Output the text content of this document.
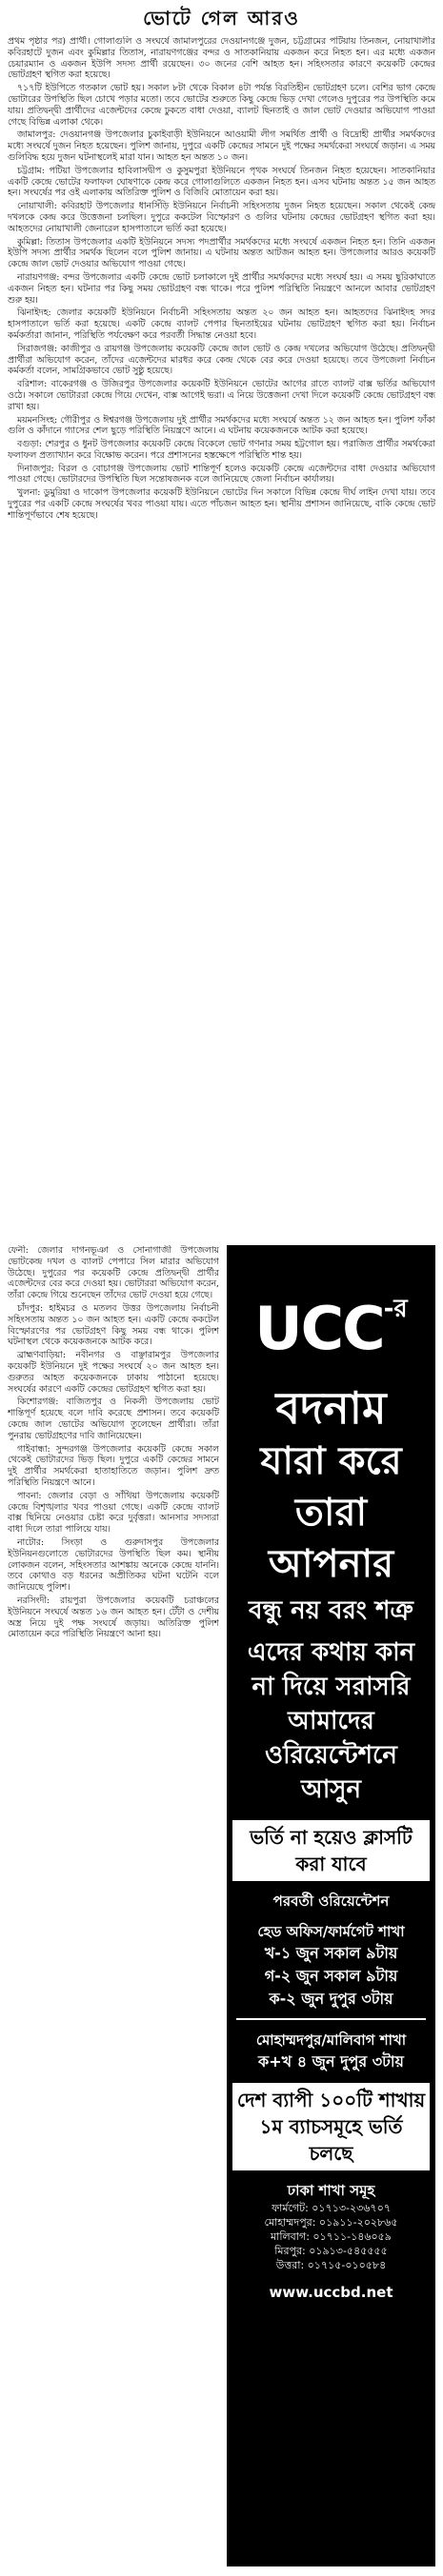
ভোটে গেল আরও

প্রথম পৃষ্ঠার পর) প্রার্থী। গোলাগুলি ও সংঘর্ষে জামালপুরের দেওয়ানগঞ্জে দুজন, চট্টগ্রামের পটিয়ায় তিনজন, নোয়াখালীর কবিরহাটে দুজন এবং কুমিল্লার তিতাস, নারায়ণগঞ্জের বন্দর ও সাতকানিয়ায় একজন করে নিহত হন। এর মধ্যে একজন চেয়ারম্যান ও একজন ইউপি সদস্য প্রার্থী রয়েছেন। ৩০ জনের বেশি আহত হন। সহিংসতার কারণে কয়েকটি কেন্দ্রের ভোটগ্রহণ স্থগিত করা হয়েছে।

৭১৭টি ইউপিতে গতকাল ভোট হয়। সকাল ৮টা থেকে বিকাল ৪টা পর্যন্ত বিরতিহীন ভোটগ্রহণ চলে। বেশির ভাগ কেন্দ্রে ভোটারের উপস্থিতি ছিল চোখে পড়ার মতো। তবে ভোটের শুরুতে কিছু কেন্দ্রে ভিড় দেখা গেলেও দুপুরের পর উপস্থিতি কমে যায়। প্রতিদ্বন্দ্বী প্রার্থীদের এজেন্টদের কেন্দ্রে ঢুকতে বাধা দেওয়া, ব্যালট ছিনতাই ও জাল ভোট দেওয়ার অভিযোগ পাওয়া গেছে বিভিন্ন এলাকা থেকে।

জামালপুর: দেওয়ানগঞ্জ উপজেলার চুকাইবাড়ী ইউনিয়নে আওয়ামী লীগ সমর্থিত প্রার্থী ও বিদ্রোহী প্রার্থীর সমর্থকদের মধ্যে সংঘর্ষে দুজন নিহত হয়েছেন। পুলিশ জানায়, দুপুরে একটি কেন্দ্রের সামনে দুই পক্ষের সমর্থকেরা সংঘর্ষে জড়ান। এ সময় গুলিবিদ্ধ হয়ে দুজন ঘটনাস্থলেই মারা যান। আহত হন অন্তত ১০ জন।

চট্টগ্রাম: পটিয়া উপজেলার হাবিলাসদ্বীপ ও কুসুমপুরা ইউনিয়নে পৃথক সংঘর্ষে তিনজন নিহত হয়েছেন। সাতকানিয়ার একটি কেন্দ্রে ভোটের ফলাফল ঘোষণাকে কেন্দ্র করে গোলাগুলিতে একজন নিহত হন। এসব ঘটনায় অন্তত ১৫ জন আহত হন। সংঘর্ষের পর ওই এলাকায় অতিরিক্ত পুলিশ ও বিজিবি মোতায়েন করা হয়।

নোয়াখালী: কবিরহাট উপজেলার ধানসিঁড়ি ইউনিয়নে নির্বাচনী সহিংসতায় দুজন নিহত হয়েছেন। সকাল থেকেই কেন্দ্র দখলকে কেন্দ্র করে উত্তেজনা চলছিল। দুপুরে ককটেল বিস্ফোরণ ও গুলির ঘটনায় কেন্দ্রের ভোটগ্রহণ স্থগিত করা হয়। আহতদের নোয়াখালী জেনারেল হাসপাতালে ভর্তি করা হয়েছে।

কুমিল্লা: তিতাস উপজেলার একটি ইউনিয়নে সদস্য পদপ্রার্থীর সমর্থকদের মধ্যে সংঘর্ষে একজন নিহত হন। তিনি একজন ইউপি সদস্য প্রার্থীর সমর্থক ছিলেন বলে পুলিশ জানায়। এ ঘটনায় অন্তত আটজন আহত হন। উপজেলার আরও কয়েকটি কেন্দ্রে জাল ভোট দেওয়ার অভিযোগ পাওয়া গেছে।

নারায়ণগঞ্জ: বন্দর উপজেলার একটি কেন্দ্রে ভোট চলাকালে দুই প্রার্থীর সমর্থকদের মধ্যে সংঘর্ষ হয়। এ সময় ছুরিকাঘাতে একজন নিহত হন। ঘটনার পর কিছু সময় ভোটগ্রহণ বন্ধ থাকে। পরে পুলিশ পরিস্থিতি নিয়ন্ত্রণে আনলে আবার ভোটগ্রহণ শুরু হয়।

ঝিনাইদহ: জেলার কয়েকটি ইউনিয়নে নির্বাচনী সহিংসতায় অন্তত ২০ জন আহত হন। আহতদের ঝিনাইদহ সদর হাসপাতালে ভর্তি করা হয়েছে। একটি কেন্দ্রে ব্যালট পেপার ছিনতাইয়ের ঘটনায় ভোটগ্রহণ স্থগিত করা হয়। নির্বাচন কর্মকর্তারা জানান, পরিস্থিতি পর্যবেক্ষণ করে পরবর্তী সিদ্ধান্ত নেওয়া হবে।

সিরাজগঞ্জ: কাজীপুর ও রায়গঞ্জ উপজেলায় কয়েকটি কেন্দ্রে জাল ভোট ও কেন্দ্র দখলের অভিযোগ উঠেছে। প্রতিদ্বন্দ্বী প্রার্থীরা অভিযোগ করেন, তাঁদের এজেন্টদের মারধর করে কেন্দ্র থেকে বের করে দেওয়া হয়েছে। তবে উপজেলা নির্বাচন কর্মকর্তা বলেন, সামগ্রিকভাবে ভোট সুষ্ঠু হয়েছে।

বরিশাল: বাকেরগঞ্জ ও উজিরপুর উপজেলার কয়েকটি ইউনিয়নে ভোটের আগের রাতে ব্যালট বাক্স ভর্তির অভিযোগ ওঠে। সকালে ভোটাররা কেন্দ্রে গিয়ে দেখেন, বাক্স আগেই ভরা। এ নিয়ে উত্তেজনা দেখা দিলে কয়েকটি কেন্দ্রে ভোটগ্রহণ বন্ধ রাখা হয়।

ময়মনসিংহ: গৌরীপুর ও ঈশ্বরগঞ্জ উপজেলায় দুই প্রার্থীর সমর্থকদের মধ্যে সংঘর্ষে অন্তত ১২ জন আহত হন। পুলিশ ফাঁকা গুলি ও কাঁদানে গ্যাসের শেল ছুড়ে পরিস্থিতি নিয়ন্ত্রণে আনে। এ ঘটনায় কয়েকজনকে আটক করা হয়েছে।

বগুড়া: শেরপুর ও ধুনট উপজেলার কয়েকটি কেন্দ্রে বিকেলে ভোট গণনার সময় হট্টগোল হয়। পরাজিত প্রার্থীর সমর্থকেরা ফলাফল প্রত্যাখ্যান করে বিক্ষোভ করেন। পরে প্রশাসনের হস্তক্ষেপে পরিস্থিতি শান্ত হয়।

দিনাজপুর: বিরল ও বোচাগঞ্জ উপজেলায় ভোট শান্তিপূর্ণ হলেও কয়েকটি কেন্দ্রে এজেন্টদের বাধা দেওয়ার অভিযোগ পাওয়া গেছে। ভোটারদের উপস্থিতি ছিল সন্তোষজনক বলে জানিয়েছে জেলা নির্বাচন কার্যালয়।

খুলনা: ডুমুরিয়া ও দাকোপ উপজেলার কয়েকটি ইউনিয়নে ভোটের দিন সকালে বিভিন্ন কেন্দ্রে দীর্ঘ লাইন দেখা যায়। তবে দুপুরের পর একটি কেন্দ্রে সংঘর্ষের খবর পাওয়া যায়। এতে পাঁচজন আহত হন। স্থানীয় প্রশাসন জানিয়েছে, বাকি কেন্দ্রে ভোট শান্তিপূর্ণভাবে শেষ হয়েছে।

ফেনী: জেলার দাগনভূঞা ও সোনাগাজী উপজেলায় ভোটকেন্দ্র দখল ও ব্যালট পেপারে সিল মারার অভিযোগ উঠেছে। দুপুরের পর কয়েকটি কেন্দ্রে প্রতিদ্বন্দ্বী প্রার্থীর এজেন্টদের বের করে দেওয়া হয়। ভোটাররা অভিযোগ করেন, তাঁরা কেন্দ্রে গিয়ে শুনেছেন তাঁদের ভোট দেওয়া হয়ে গেছে।

চাঁদপুর: হাইমচর ও মতলব উত্তর উপজেলায় নির্বাচনী সহিংসতায় অন্তত ১০ জন আহত হন। একটি কেন্দ্রে ককটেল বিস্ফোরণের পর ভোটগ্রহণ কিছু সময় বন্ধ থাকে। পুলিশ ঘটনাস্থল থেকে কয়েকজনকে আটক করে।

ব্রাহ্মণবাড়িয়া: নবীনগর ও বাঞ্ছারামপুর উপজেলার কয়েকটি ইউনিয়নে দুই পক্ষের সংঘর্ষে ২০ জন আহত হন। গুরুতর আহত কয়েকজনকে ঢাকায় পাঠানো হয়েছে। সংঘর্ষের কারণে একটি কেন্দ্রের ভোটগ্রহণ স্থগিত করা হয়।

কিশোরগঞ্জ: বাজিতপুর ও নিকলী উপজেলায় ভোট শান্তিপূর্ণ হয়েছে বলে দাবি করেছে প্রশাসন। তবে কয়েকটি কেন্দ্রে জাল ভোটের অভিযোগ তুলেছেন প্রার্থীরা। তাঁরা পুনরায় ভোটগ্রহণের দাবি জানিয়েছেন।

গাইবান্ধা: সুন্দরগঞ্জ উপজেলার কয়েকটি কেন্দ্রে সকাল থেকেই ভোটারদের ভিড় ছিল। দুপুরে একটি কেন্দ্রের সামনে দুই প্রার্থীর সমর্থকেরা হাতাহাতিতে জড়ান। পুলিশ দ্রুত পরিস্থিতি নিয়ন্ত্রণে আনে।

পাবনা: জেলার বেড়া ও সাঁথিয়া উপজেলায় কয়েকটি কেন্দ্রে বিশৃঙ্খলার খবর পাওয়া গেছে। একটি কেন্দ্রে ব্যালট বাক্স ছিনিয়ে নেওয়ার চেষ্টা করে দুর্বৃত্তরা। আনসার সদস্যরা বাধা দিলে তারা পালিয়ে যায়।

নাটোর: সিংড়া ও গুরুদাসপুর উপজেলার ইউনিয়নগুলোতে ভোটারদের উপস্থিতি ছিল কম। স্থানীয় লোকজন বলেন, সহিংসতার আশঙ্কায় অনেকে কেন্দ্রে যাননি। তবে কোথাও বড় ধরনের অপ্রীতিকর ঘটনা ঘটেনি বলে জানিয়েছে পুলিশ।

নরসিংদী: রায়পুরা উপজেলার কয়েকটি চরাঞ্চলের ইউনিয়নে সংঘর্ষে অন্তত ১৬ জন আহত হন। টেঁটা ও দেশীয় অস্ত্র নিয়ে দুই পক্ষ সংঘর্ষে জড়ায়। অতিরিক্ত পুলিশ মোতায়েন করে পরিস্থিতি নিয়ন্ত্রণে আনা হয়।

UCC-র
বদনাম
যারা করে
তারা আপনার
বন্ধু নয় বরং শত্রু
এদের কথায় কান না দিয়ে সরাসরি আমাদের ওরিয়েন্টেশনে আসুন
ভর্তি না হয়েও ক্লাসটি করা যাবে
পরবর্তী ওরিয়েন্টেশন
হেড অফিস/ফার্মগেট শাখা
খ-১ জুন সকাল ৯টায়
গ-২ জুন সকাল ৯টায়
ক-২ জুন দুপুর ৩টায়
মোহাম্মদপুর/মালিবাগ শাখা
ক+খ ৪ জুন দুপুর ৩টায়
দেশ ব্যাপী ১০০টি শাখায় ১ম ব্যাচসমূহে ভর্তি চলছে
ঢাকা শাখা সমূহ
ফার্মগেট: ০১৭১৩-২৩৬৭০৭
মোহাম্মদপুর: ০১৯১১-২০২৮৬৫
মালিবাগ: ০১৭১১-১৪৬০৫৯
মিরপুর: ০১৯১৩-৫৪৫৫৫৫
উত্তরা: ০১৭১৫-০১০৫৮৪
www.uccbd.net
